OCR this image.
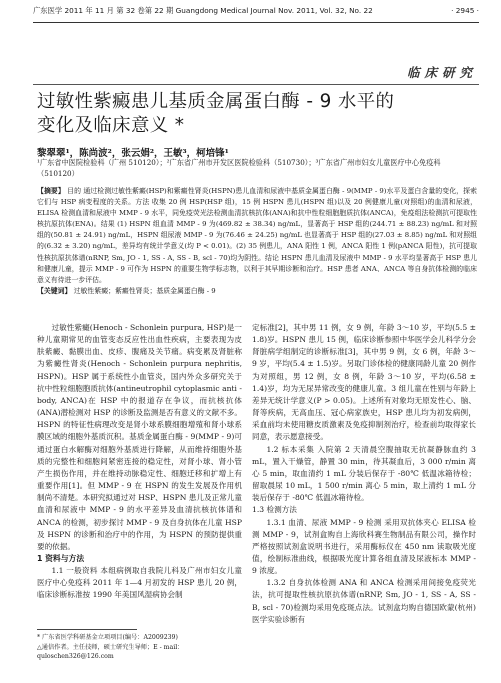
广东医学 2011 年 11 月 第 32 卷第 22 期 Guangdong Medical Journal Nov. 2011, Vol. 32, No. 22	· 2945 ·
临床研究
过敏性紫癜患儿基质金属蛋白酶 - 9 水平的
变化及临床意义 *
黎翠翠¹，陈尚波²，张云娟²，王敏³，柯培锋¹
¹广东省中医院检验科（广州 510120）；²广东省广州市开发区医院检验科（510730）；³广东省广州市妇女儿童医疗中心免疫科（510120）
【摘要】 目的 通过检测过敏性紫癜(HSP)和紫癜性肾炎(HSPN)患儿血清和尿液中基质金属蛋白酶 - 9(MMP - 9)水平及蛋白含量的变化，探索它们与 HSP 病变程度的关系。方法 收集 20 例 HSP(HSP 组)，15 例 HSPN 患儿(HSPN 组)以及 20 例健康儿童(对照组)的血清和尿液，ELISA 检测血清和尿液中 MMP - 9 水平，同免疫荧光法检测血清抗核抗体(ANA)和抗中性粒细胞胞质抗体(ANCA)，免疫组法检测抗可提取性核抗原抗体(ENA)。结果 (1) HSPN 组血清 MMP - 9 为(469.82 ± 38.34) ng/mL，显著高于 HSP 组的(244.71 ± 88.23) ng/mL 和对照组的(50.81 ± 24.91) ng/mL，HSPN 组尿液 MMP - 9 为(76.46 ± 24.25) ng/mL 也显著高于 HSP 组的(27.03 ± 8.85) ng/mL 和对照组的(6.32 ± 3.20) ng/mL，差异均有统计学意义(均 P < 0.01)。(2) 35 例患儿，ANA 阳性 1 例，ANCA 阳性 1 例(pANCA 阳性)，抗可提取性核抗原抗体谱(nRNP, Sm, JO - 1, SS - A, SS - B, scl - 70)均为阴性。结论 HSPN 患儿血清及尿液中 MMP - 9 水平均显著高于 HSP 患儿和健康儿童，提示 MMP - 9 可作为 HSPN 的重要生物学标志物，以利于其早期诊断和治疗。HSP 患者 ANA、ANCA 等自身抗体检测的临床意义有待进一步评估。
【关键词】 过敏性紫癜；紫癜性肾炎；基质金属蛋白酶 - 9

过敏性紫癜(Henoch - Schonlein purpura, HSP)是一种儿童期常见的血管变态反应性出血性疾病，主要表现为皮肤紫癜、黏膜出血、皮疹、腹痛及关节痛。病变累及肾脏称为紫癜性肾炎(Henoch - Schonlein purpura nephritis, HSPN)。HSP 属于系统性小血管炎，国内外众多研究关于抗中性粒细胞胞质抗体(antineutrophil cytoplasmic anti - body, ANCA)在 HSP 中的报道存在争议，而抗核抗体(ANA)潜检测对 HSP 的诊断及监测是否有意义的文献不多。HSPN 的特征性病理改变是肾小球系膜细胞增殖和肾小球系膜区域的细胞外基质沉积。基质金属蛋白酶 - 9(MMP - 9)可通过蛋白水解酶对细胞外基质进行降解，从而维持细胞外基质的完整性和细胞间紧密连接的稳定性，对肾小球、肾小管产生损伤作用，并在维持动脉稳定性、细胞迁移和扩增上有重要作用[1]。但 MMP - 9 在 HSPN 的发生发展及作用机制尚不清楚。本研究拟通过对 HSP、HSPN 患儿及正常儿童血清和尿液中 MMP - 9 的水平差异及血清抗核抗体谱和 ANCA 的检测，初步探讨 MMP - 9 及自身抗体在儿童 HSP 及 HSPN 的诊断和治疗中的作用，为 HSPN 的预防提供重要的依据。

1 资料与方法

1.1 一般资料 本组病例取自我院儿科及广州市妇女儿童医疗中心免疫科 2011 年 1—4 月初发的 HSP 患儿 20 例，临床诊断标准按 1990 年美国风湿病协会制

定标准[2]，其中男 11 例，女 9 例，年龄 3～10 岁，平均(5.5 ± 1.8)岁。HSPN 患儿 15 例，临床诊断参照中华医学会儿科学分会肾脏病学组制定的诊断标准[3]，其中男 9 例，女 6 例，年龄 3～9 岁，平均(5.4 ± 1.5)岁。另取门诊体检的健康同龄儿童 20 例作为对照组，男 12 例，女 8 例，年龄 3～10 岁，平均(6.58 ± 1.4)岁，均为无尿异常改变的健康儿童。3 组儿童在性别与年龄上差异无统计学意义(P > 0.05)。上述所有对象均无原发性心、脑、肾等疾病，无高血压、冠心病家族史，HSP 患儿均为初发病例，采血前均未使用糖皮质激素及免疫抑制剂治疗，检查前均取得家长同意，表示愿意接受。

1.2 标本采集 入院第 2 天清晨空腹抽取无抗凝静脉血约 3 mL，置入干燥管，静置 30 min，待其凝血后，3 000 r/min 离心 5 min，取血清约 1 mL 分装后保存于 -80℃ 低温冰箱待检；留取晨尿 10 mL，1 500 r/min 离心 5 min，取上清约 1 mL 分装后保存于 -80℃ 低温冰箱待检。

1.3 检测方法

1.3.1 血清、尿液 MMP - 9 检测 采用双抗体夹心 ELISA 检测 MMP - 9，试剂盒购自上海欣科赛生物制品有限公司，操作时严格按照试剂盒说明书进行，采用酶标仪在 450 nm 读取吸光度值，绘制标准曲线，根据吸光度计算各组血清及尿液标本 MMP - 9 浓度。

1.3.2 自身抗体检测 ANA 和 ANCA 检测采用间接免疫荧光法，抗可提取性核抗原抗体谱(nRNP, Sm, JO - 1, SS - A, SS - B, scl - 70)检测均采用免疫斑点法。试剂盒均购自德国欧蒙(杭州)医学实验诊断有

* 广东省医学科研基金立项项目(编号：A2009239)
△通信作者。主任技师，硕士研究生导师；E - mail：quloschen326@126.com
